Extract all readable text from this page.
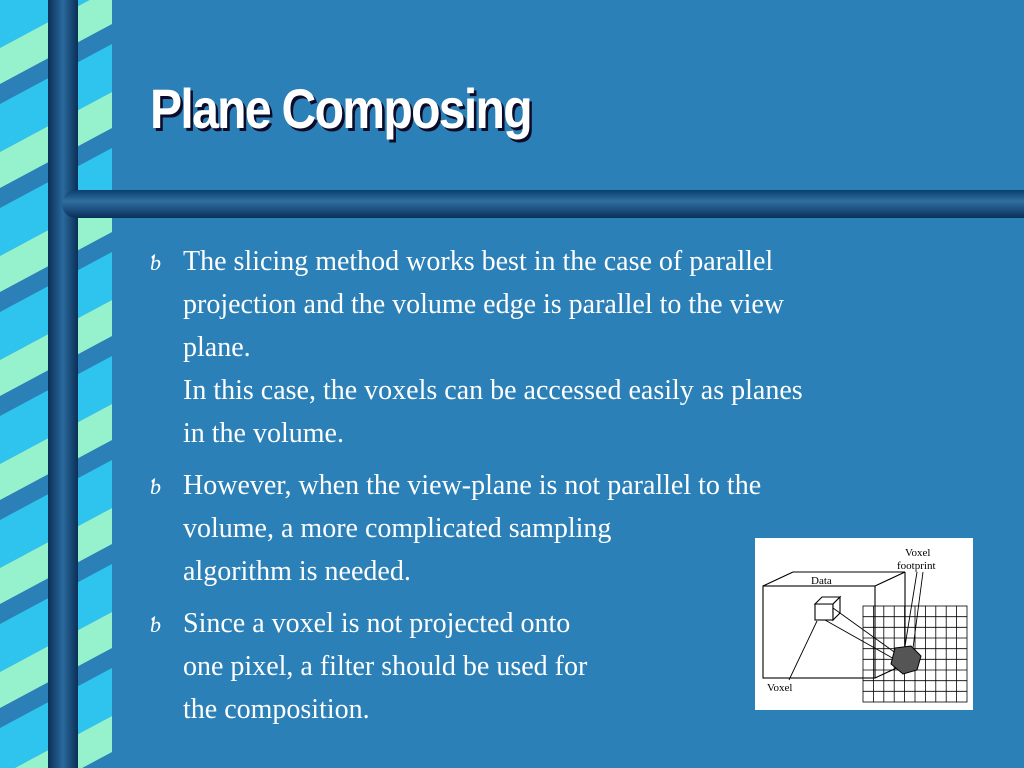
Plane Composing
ƅ The slicing method works best in the case of parallel
projection and the volume edge is parallel to the view
plane.
In this case, the voxels can be accessed easily as planes
in the volume.
ƅ However, when the view-plane is not parallel to the
volume, a more complicated sampling
algorithm is needed.
ƅ Since a voxel is not projected onto
one pixel, a filter should be used for
the composition.
Data
Voxel
Voxel
footprint
